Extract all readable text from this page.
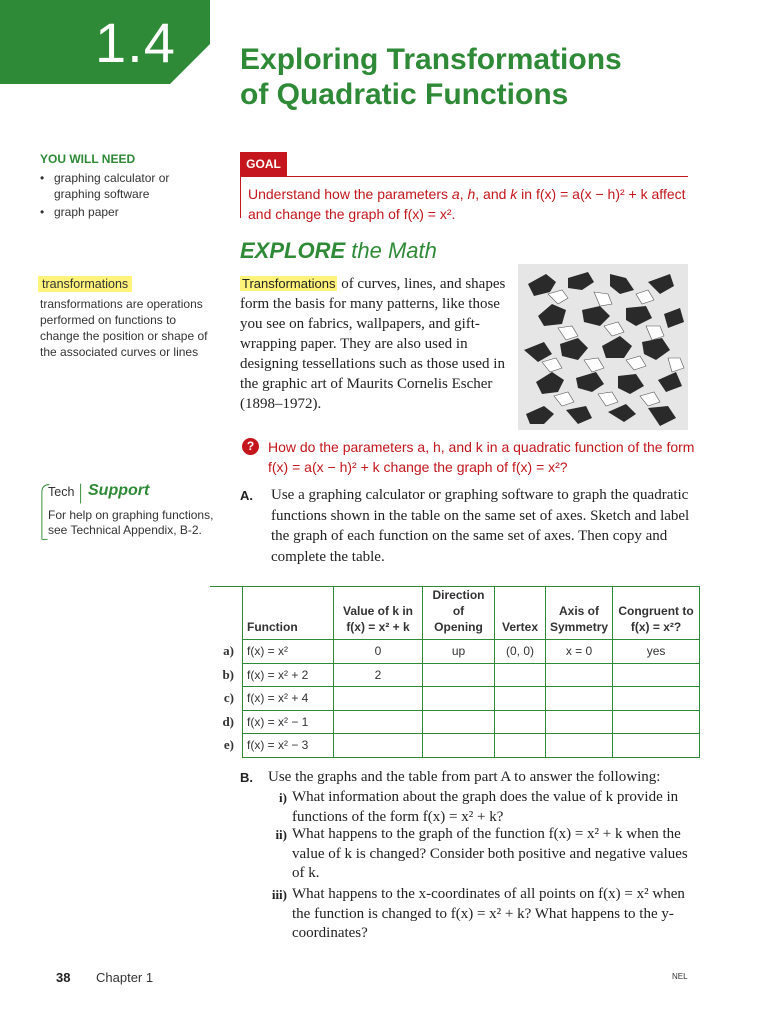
1.4 Exploring Transformations
of Quadratic Functions
YOU WILL NEED
• graphing calculator or graphing software
• graph paper
transformations
transformations are operations performed on functions to change the position or shape of the associated curves or lines
Tech Support
For help on graphing functions, see Technical Appendix, B-2.
GOAL
Understand how the parameters a, h, and k in f(x) = a(x − h)² + k affect and change the graph of f(x) = x².
EXPLORE the Math
Transformations of curves, lines, and shapes form the basis for many patterns, like those you see on fabrics, wallpapers, and gift-wrapping paper. They are also used in designing tessellations such as those used in the graphic art of Maurits Cornelis Escher (1898–1972).
? How do the parameters a, h, and k in a quadratic function of the form f(x) = a(x − h)² + k change the graph of f(x) = x²?
A. Use a graphing calculator or graphing software to graph the quadratic functions shown in the table on the same set of axes. Sketch and label the graph of each function on the same set of axes. Then copy and complete the table.
	Function	Value of k in f(x) = x² + k	Direction of Opening	Vertex	Axis of Symmetry	Congruent to f(x) = x²?
a)	f(x) = x²	0	up	(0, 0)	x = 0	yes
b)	f(x) = x² + 2	2				
c)	f(x) = x² + 4					
d)	f(x) = x² − 1					
e)	f(x) = x² − 3					
B. Use the graphs and the table from part A to answer the following:
i) What information about the graph does the value of k provide in functions of the form f(x) = x² + k?
ii) What happens to the graph of the function f(x) = x² + k when the value of k is changed? Consider both positive and negative values of k.
iii) What happens to the x-coordinates of all points on f(x) = x² when the function is changed to f(x) = x² + k? What happens to the y-coordinates?
38 Chapter 1	NEL
